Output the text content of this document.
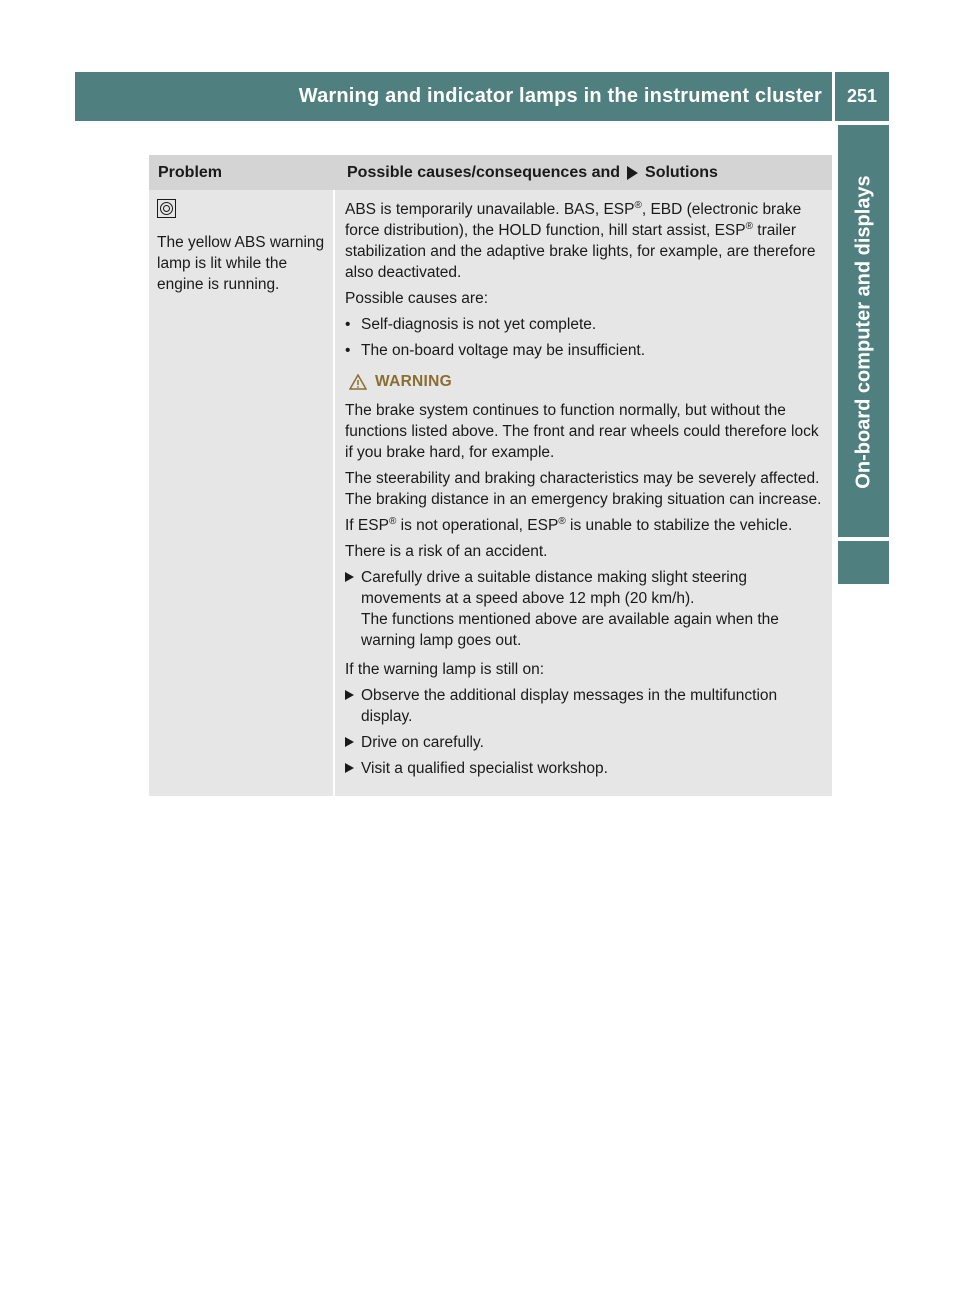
Warning and indicator lamps in the instrument cluster 251
On-board computer and displays
Problem	Possible causes/consequences and Solutions
The yellow ABS warning lamp is lit while the engine is running.

ABS is temporarily unavailable. BAS, ESP®, EBD (electronic brake force distribution), the HOLD function, hill start assist, ESP® trailer stabilization and the adaptive brake lights, for example, are therefore also deactivated.

Possible causes are:

• Self-diagnosis is not yet complete.
• The on-board voltage may be insufficient.
WARNING

The brake system continues to function normally, but without the functions listed above. The front and rear wheels could therefore lock if you brake hard, for example.

The steerability and braking characteristics may be severely affected. The braking distance in an emergency braking situation can increase.

If ESP® is not operational, ESP® is unable to stabilize the vehicle.

There is a risk of an accident.

Carefully drive a suitable distance making slight steering movements at a speed above 12 mph (20 km/h).
The functions mentioned above are available again when the warning lamp goes out.

If the warning lamp is still on:

Observe the additional display messages in the multifunction display.
Drive on carefully.
Visit a qualified specialist workshop.
